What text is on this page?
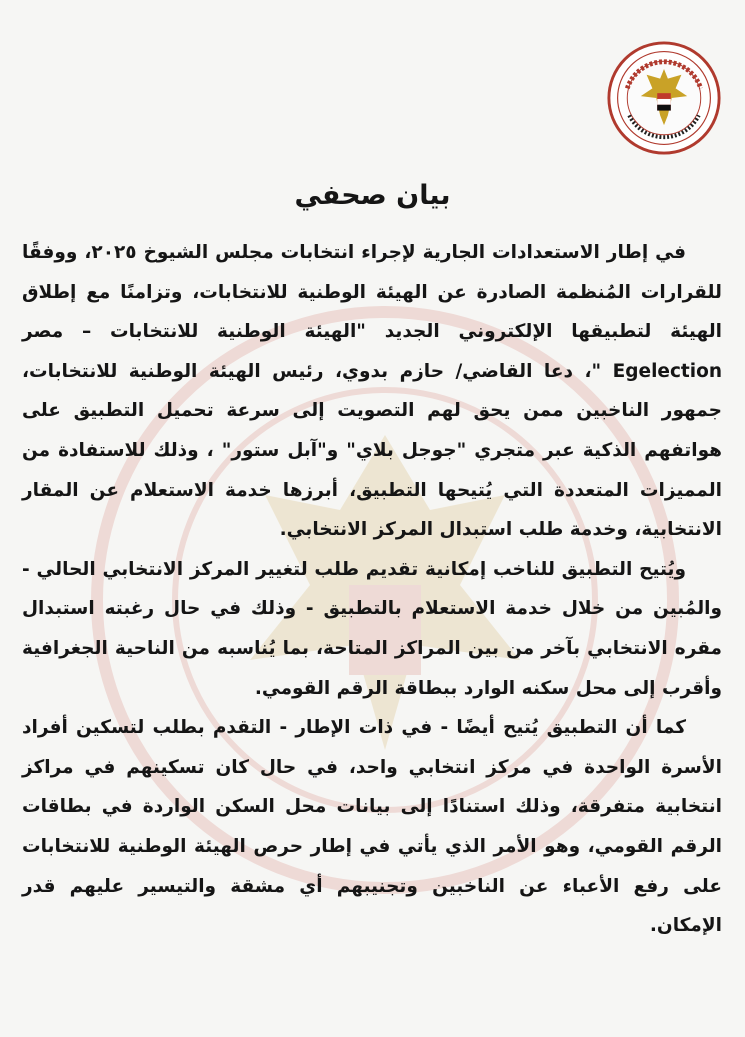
بيان صحفي

في إطار الاستعدادات الجارية لإجراء انتخابات مجلس الشيوخ ٢٠٢٥، ووفقًا للقرارات المُنظمة الصادرة عن الهيئة الوطنية للانتخابات، وتزامنًا مع إطلاق الهيئة لتطبيقها الإلكتروني الجديد "الهيئة الوطنية للانتخابات – مصر Egelection "، دعا القاضي/ حازم بدوي، رئيس الهيئة الوطنية للانتخابات، جمهور الناخبين ممن يحق لهم التصويت إلى سرعة تحميل التطبيق على هواتفهم الذكية عبر متجري "جوجل بلاي" و"آبل ستور" ، وذلك للاستفادة من المميزات المتعددة التي يُتيحها التطبيق، أبرزها خدمة الاستعلام عن المقار الانتخابية، وخدمة طلب استبدال المركز الانتخابي.

ويُتيح التطبيق للناخب إمكانية تقديم طلب لتغيير المركز الانتخابي الحالي - والمُبين من خلال خدمة الاستعلام بالتطبيق - وذلك في حال رغبته استبدال مقره الانتخابي بآخر من بين المراكز المتاحة، بما يُناسبه من الناحية الجغرافية وأقرب إلى محل سكنه الوارد ببطاقة الرقم القومي.

كما أن التطبيق يُتيح أيضًا - في ذات الإطار - التقدم بطلب لتسكين أفراد الأسرة الواحدة في مركز انتخابي واحد، في حال كان تسكينهم في مراكز انتخابية متفرقة، وذلك استنادًا إلى بيانات محل السكن الواردة في بطاقات الرقم القومي، وهو الأمر الذي يأتي في إطار حرص الهيئة الوطنية للانتخابات على رفع الأعباء عن الناخبين وتجنيبهم أي مشقة والتيسير عليهم قدر الإمكان.
